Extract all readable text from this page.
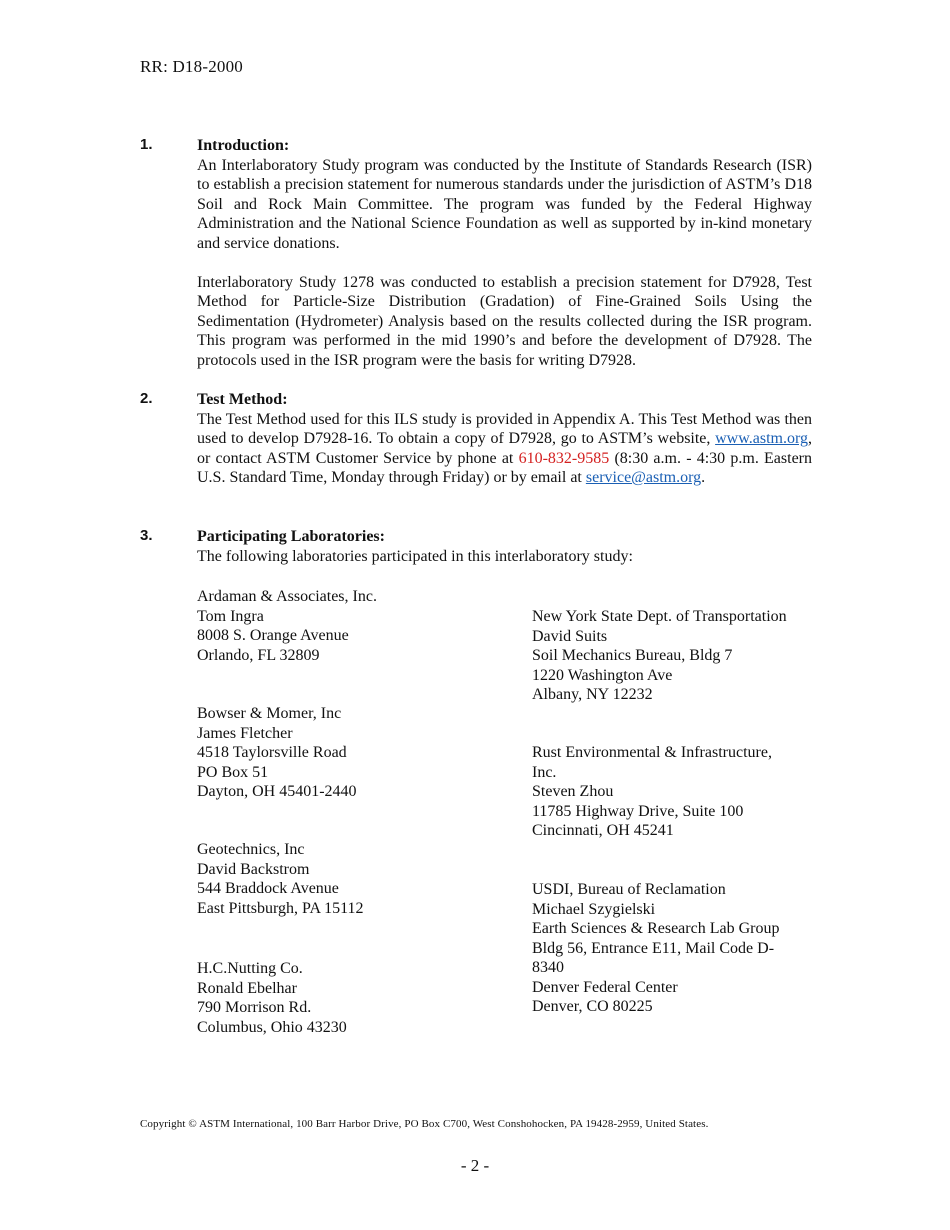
RR: D18-2000
1.	Introduction:

An Interlaboratory Study program was conducted by the Institute of Standards Research (ISR) to establish a precision statement for numerous standards under the jurisdiction of ASTM’s D18 Soil and Rock Main Committee. The program was funded by the Federal Highway Administration and the National Science Foundation as well as supported by in-kind monetary and service donations.

Interlaboratory Study 1278 was conducted to establish a precision statement for D7928, Test Method for Particle-Size Distribution (Gradation) of Fine-Grained Soils Using the Sedimentation (Hydrometer) Analysis based on the results collected during the ISR program. This program was performed in the mid 1990’s and before the development of D7928. The protocols used in the ISR program were the basis for writing D7928.

2.	Test Method:

The Test Method used for this ILS study is provided in Appendix A. This Test Method was then used to develop D7928-16. To obtain a copy of D7928, go to ASTM’s website, www.astm.org, or contact ASTM Customer Service by phone at 610-832-9585 (8:30 a.m. - 4:30 p.m. Eastern U.S. Standard Time, Monday through Friday) or by email at service@astm.org.

3.	Participating Laboratories:
The following laboratories participated in this interlaboratory study:
Ardaman & Associates, Inc.
Tom Ingra
8008 S. Orange Avenue
Orlando, FL 32809
Bowser & Momer, Inc
James Fletcher
4518 Taylorsville Road
PO Box 51
Dayton, OH 45401-2440
Geotechnics, Inc
David Backstrom
544 Braddock Avenue
East Pittsburgh, PA 15112
H.C.Nutting Co.
Ronald Ebelhar
790 Morrison Rd.
Columbus, Ohio 43230
New York State Dept. of Transportation
David Suits
Soil Mechanics Bureau, Bldg 7
1220 Washington Ave
Albany, NY 12232
Rust Environmental & Infrastructure,
Inc.
Steven Zhou
11785 Highway Drive, Suite 100
Cincinnati, OH 45241
USDI, Bureau of Reclamation
Michael Szygielski
Earth Sciences & Research Lab Group
Bldg 56, Entrance E11, Mail Code D-
8340
Denver Federal Center
Denver, CO 80225
Copyright © ASTM International, 100 Barr Harbor Drive, PO Box C700, West Conshohocken, PA 19428-2959, United States.
- 2 -
